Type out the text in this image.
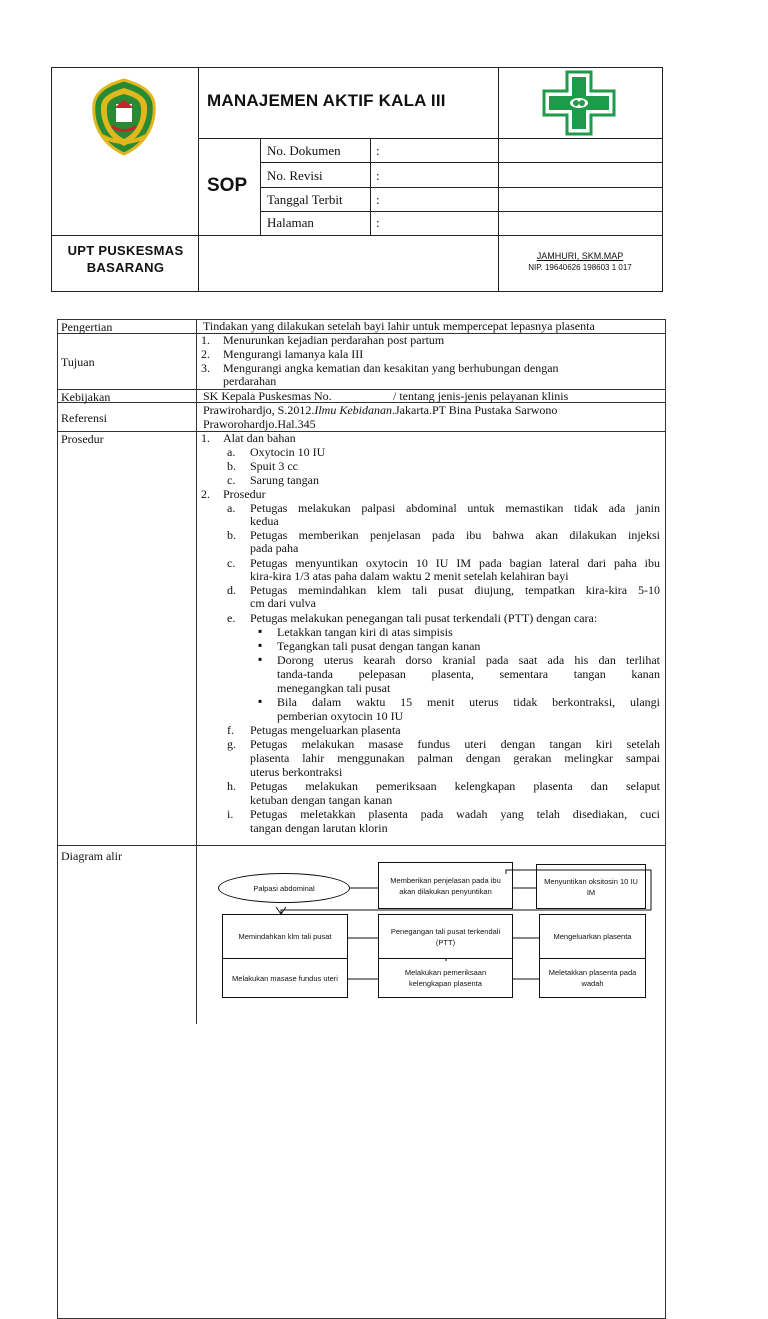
MANAJEMEN AKTIF KALA III
SOP
No. Dokumen	:
No. Revisi	:
Tanggal Terbit	:
Halaman	:
UPT PUSKESMAS
BASARANG
JAMHURI, SKM.MAP
NIP. 19640626 198603 1 017
Pengertian	Tindakan yang dilakukan setelah bayi lahir untuk mempercepat lepasnya plasenta
Tujuan
1. Menurunkan kejadian perdarahan post partum
2. Mengurangi lamanya kala III
3. Mengurangi angka kematian dan kesakitan yang berhubungan dengan
perdarahan
Kebijakan	SK Kepala Puskesmas No.	/ tentang jenis-jenis pelayanan klinis
Referensi
Prawirohardjo, S.2012.Ilmu Kebidanan.Jakarta.PT Bina Pustaka Sarwono
Praworohardjo.Hal.345
Prosedur	1. Alat dan bahan
a. Oxytocin 10 IU
b. Spuit 3 cc
c. Sarung tangan
2. Prosedur
a. Petugas melakukan palpasi abdominal untuk memastikan tidak ada janin
kedua
b. Petugas memberikan penjelasan pada ibu bahwa akan dilakukan injeksi
pada paha
c. Petugas menyuntikan oxytocin 10 IU IM pada bagian lateral dari paha ibu
kira-kira 1/3 atas paha dalam waktu 2 menit setelah kelahiran bayi
d. Petugas memindahkan klem tali pusat diujung, tempatkan kira-kira 5-10
cm dari vulva
e. Petugas melakukan penegangan tali pusat terkendali (PTT) dengan cara:
▪ Letakkan tangan kiri di atas simpisis
▪ Tegangkan tali pusat dengan tangan kanan
▪ Dorong uterus kearah dorso kranial pada saat ada his dan terlihat
tanda-tanda pelepasan plasenta, sementara tangan kanan
menegangkan tali pusat
▪ Bila dalam waktu 15 menit uterus tidak berkontraksi, ulangi
pemberian oxytocin 10 IU
f. Petugas mengeluarkan plasenta
g. Petugas melakukan masase fundus uteri dengan tangan kiri setelah
plasenta lahir menggunakan palman dengan gerakan melingkar sampai
uterus berkontraksi
h. Petugas melakukan pemeriksaan kelengkapan plasenta dan selaput
ketuban dengan tangan kanan
i. Petugas meletakkan plasenta pada wadah yang telah disediakan, cuci
tangan dengan larutan klorin
Diagram alir
Palpasi abdominal
Memberikan penjelasan pada ibu akan dilakukan penyuntikan
Menyuntikan oksitosin 10 IU IM
Memindahkan klm tali pusat
Penegangan tali pusat terkendali (PTT)
Mengeluarkan plasenta
Melakukan masase fundus uteri
Melakukan pemeriksaan kelengkapan plasenta
Meletakkan plasenta pada wadah
